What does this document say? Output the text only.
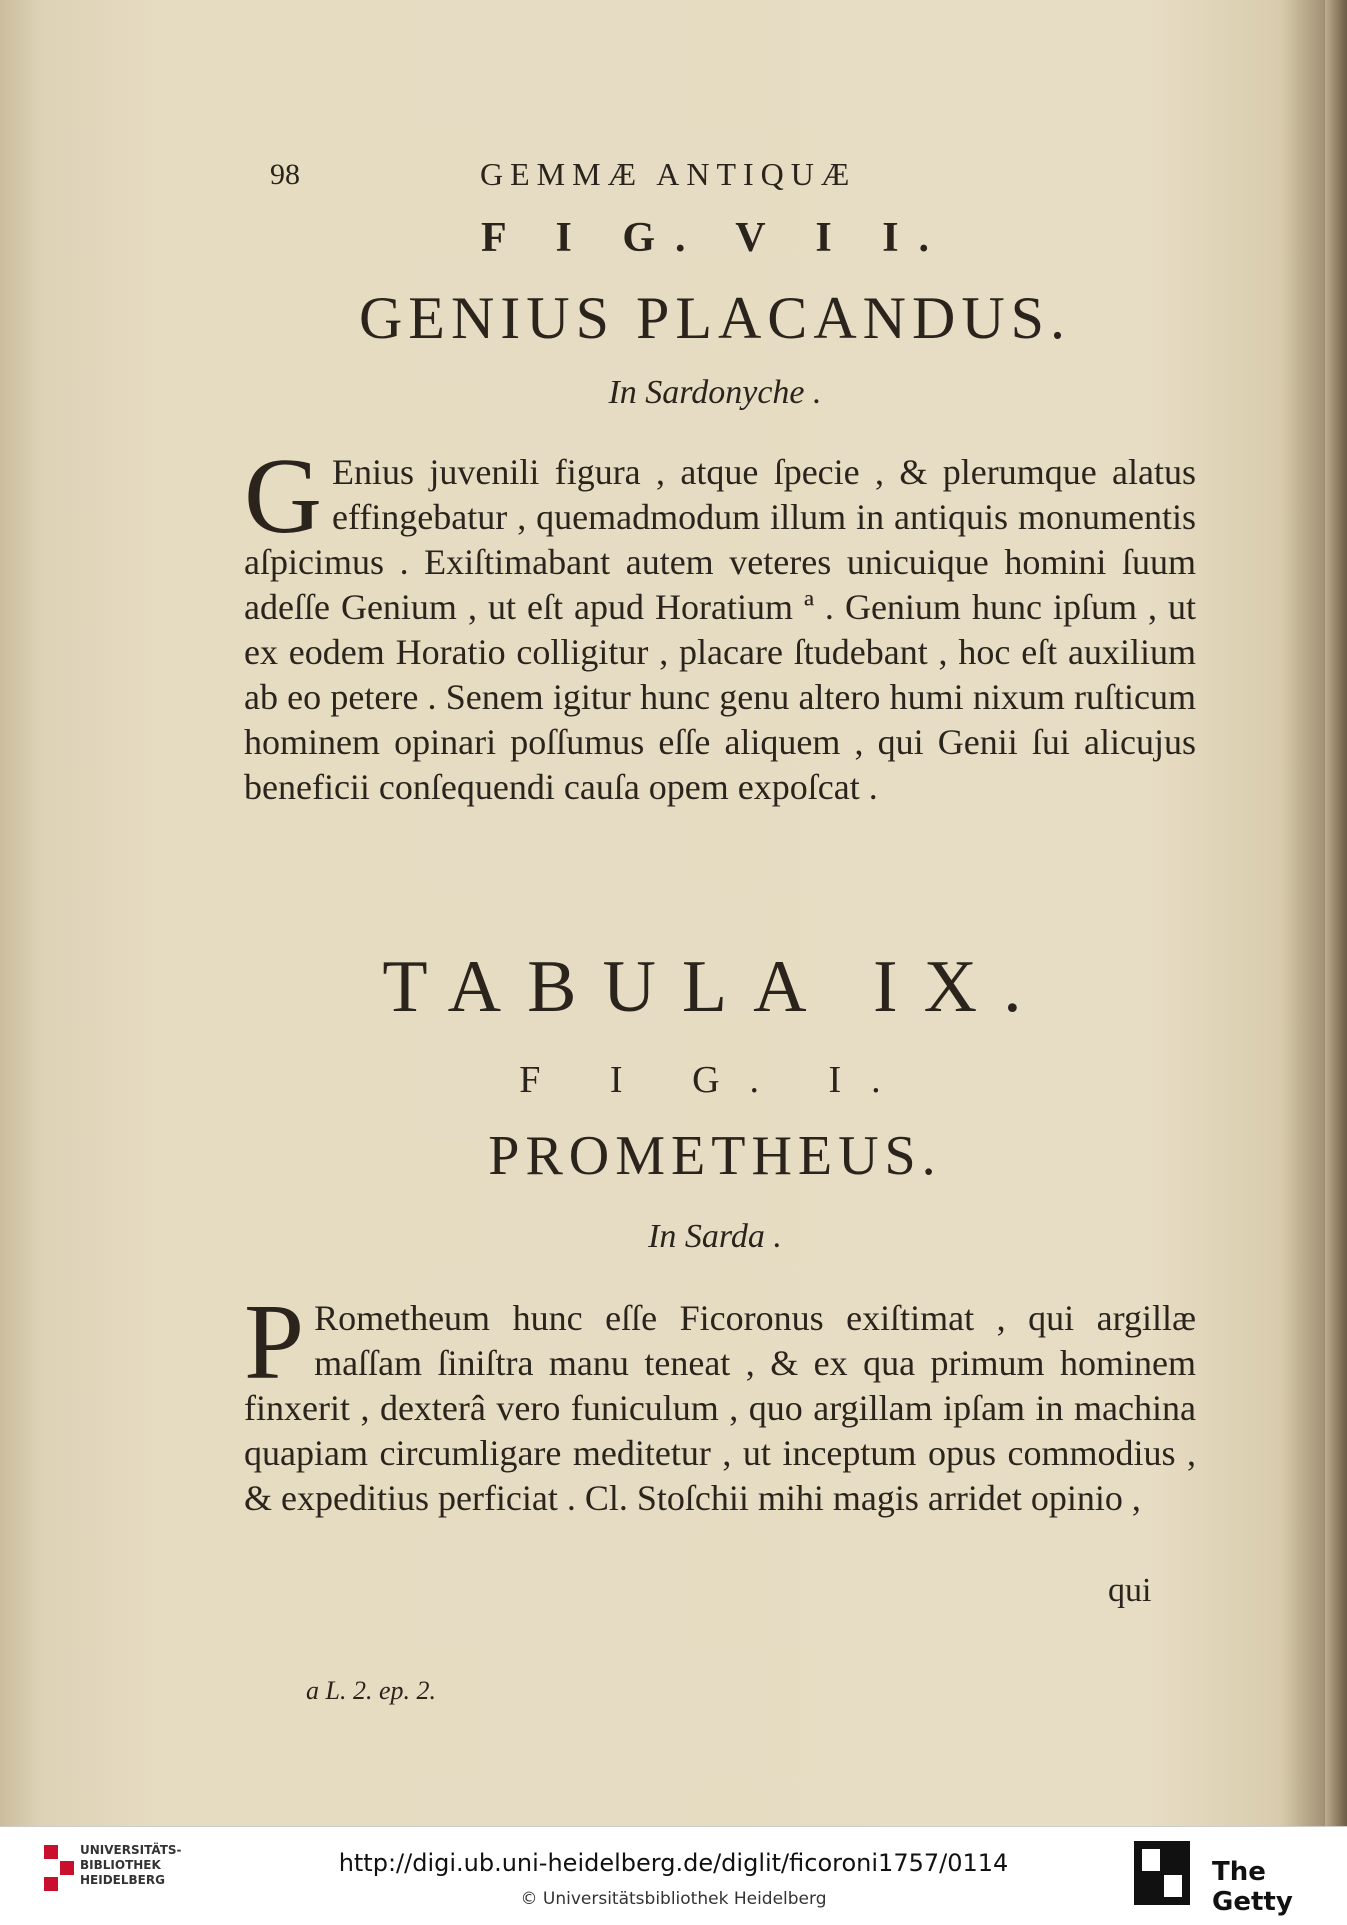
98	GEMMÆ ANTIQUÆ
F I G. V I I.
GENIUS PLACANDUS.
In Sardonyche .
G Enius juvenili figura , atque ſpecie , & plerumque alatus effingebatur , quemadmodum illum in antiquis monumentis aſpicimus . Exiſtimabant autem veteres unicuique homini ſuum adeſſe Genium , ut eſt apud Horatium ª . Genium hunc ipſum , ut ex eodem Horatio colligitur , placare ſtudebant , hoc eſt auxilium ab eo petere . Senem igitur hunc genu altero humi nixum ruſticum hominem opinari poſſumus eſſe aliquem , qui Genii ſui alicujus beneficii conſequendi cauſa opem expoſcat .
TABULA IX.
F I G. I.
PROMETHEUS.
In Sarda .
P Rometheum hunc eſſe Ficoronus exiſtimat , qui argillæ maſſam ſiniſtra manu teneat , & ex qua primum hominem finxerit , dexterâ vero funiculum , quo argillam ipſam in machina quapiam circumligare meditetur , ut inceptum opus commodius , & expeditius perficiat . Cl. Stoſchii mihi magis arridet opinio ,
qui
a L. 2. ep. 2.
UNIVERSITÄTS-
BIBLIOTHEK
HEIDELBERG
http://digi.ub.uni-heidelberg.de/diglit/ficoroni1757/0114
© Universitätsbibliothek Heidelberg
The Getty
